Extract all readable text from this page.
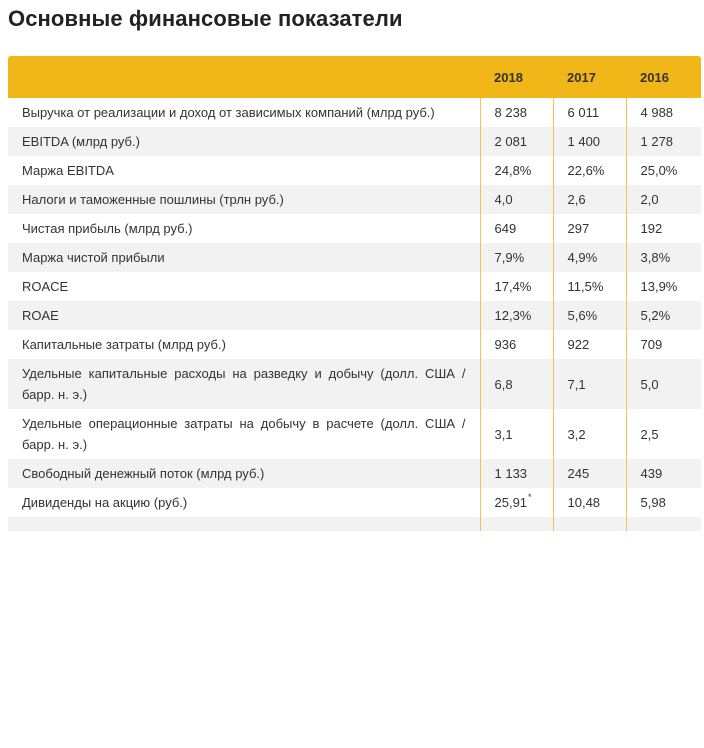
Основные финансовые показатели
	2018	2017	2016
Выручка от реализации и доход от зависимых компаний (млрд руб.)	8 238	6 011	4 988
EBITDA (млрд руб.)	2 081	1 400	1 278
Маржа EBITDA	24,8%	22,6%	25,0%
Налоги и таможенные пошлины (трлн руб.)	4,0	2,6	2,0
Чистая прибыль (млрд руб.)	649	297	192
Маржа чистой прибыли	7,9%	4,9%	3,8%
ROACE	17,4%	11,5%	13,9%
ROAE	12,3%	5,6%	5,2%
Капитальные затраты (млрд руб.)	936	922	709
Удельные капитальные расходы на разведку и добычу (долл. США / барр. н. э.)	6,8	7,1	5,0
Удельные операционные затраты на добычу в расчете (долл. США / барр. н. э.)	3,1	3,2	2,5
Свободный денежный поток (млрд руб.)	1 133	245	439
Дивиденды на акцию (руб.)	25,91*	10,48	5,98
